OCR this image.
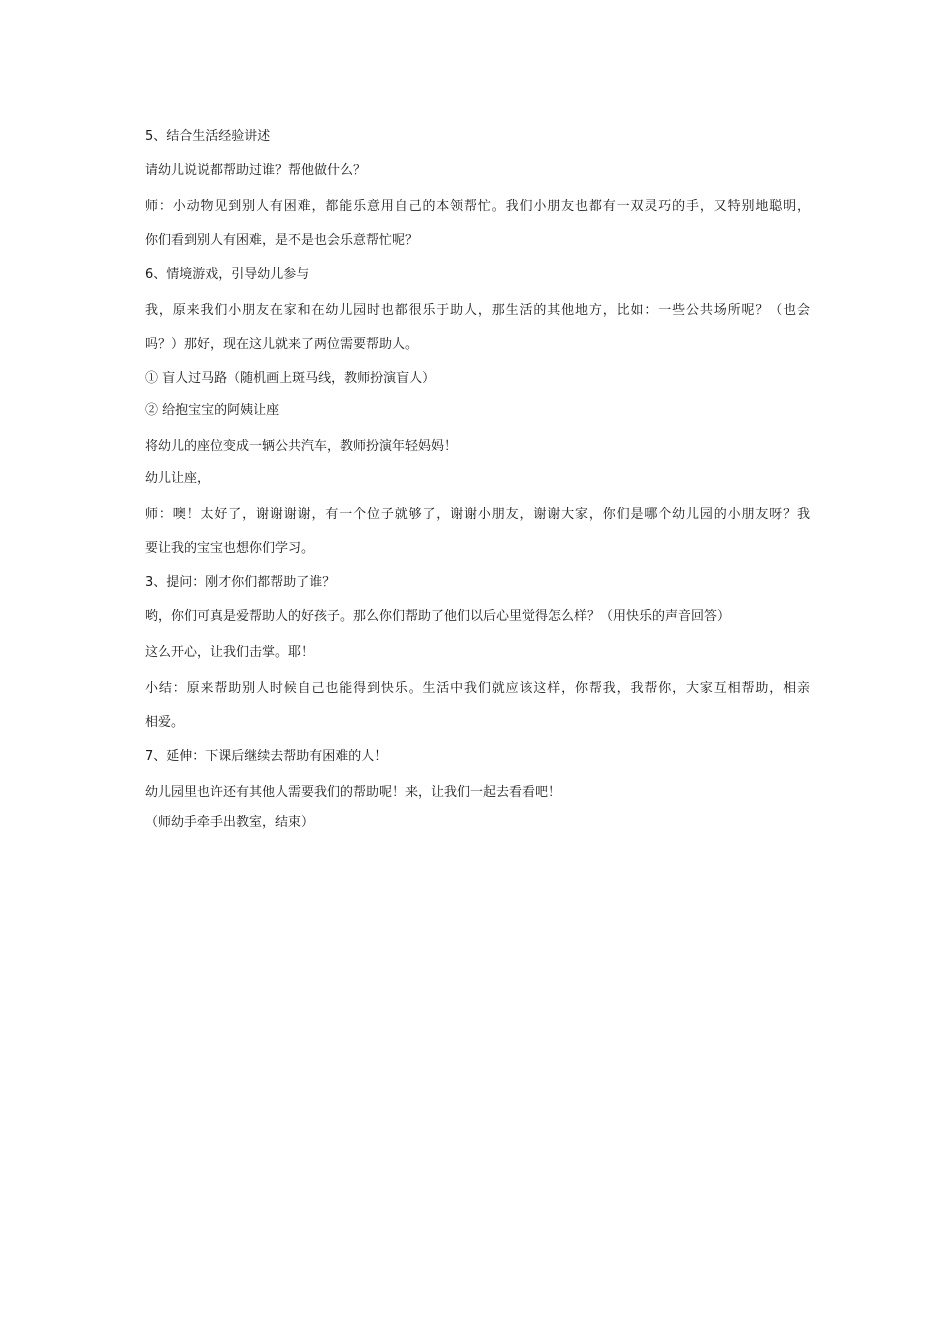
5、结合生活经验讲述
请幼儿说说都帮助过谁？帮他做什么？
师：小动物见到别人有困难，都能乐意用自己的本领帮忙。我们小朋友也都有一双灵巧的手，又特别地聪明，
你们看到别人有困难，是不是也会乐意帮忙呢？
6、情境游戏，引导幼儿参与
我，原来我们小朋友在家和在幼儿园时也都很乐于助人，那生活的其他地方，比如：一些公共场所呢？（也会
吗？）那好，现在这儿就来了两位需要帮助人。
① 盲人过马路（随机画上斑马线，教师扮演盲人）
② 给抱宝宝的阿姨让座
将幼儿的座位变成一辆公共汽车，教师扮演年轻妈妈！
幼儿让座，
师：噢！太好了，谢谢谢谢，有一个位子就够了，谢谢小朋友，谢谢大家，你们是哪个幼儿园的小朋友呀？我
要让我的宝宝也想你们学习。
3、提问：刚才你们都帮助了谁？
哟，你们可真是爱帮助人的好孩子。那么你们帮助了他们以后心里觉得怎么样？（用快乐的声音回答）
这么开心，让我们击掌。耶！
小结：原来帮助别人时候自己也能得到快乐。生活中我们就应该这样，你帮我，我帮你，大家互相帮助，相亲
相爱。
7、延伸：下课后继续去帮助有困难的人！
幼儿园里也许还有其他人需要我们的帮助呢！来，让我们一起去看看吧！
（师幼手牵手出教室，结束）
